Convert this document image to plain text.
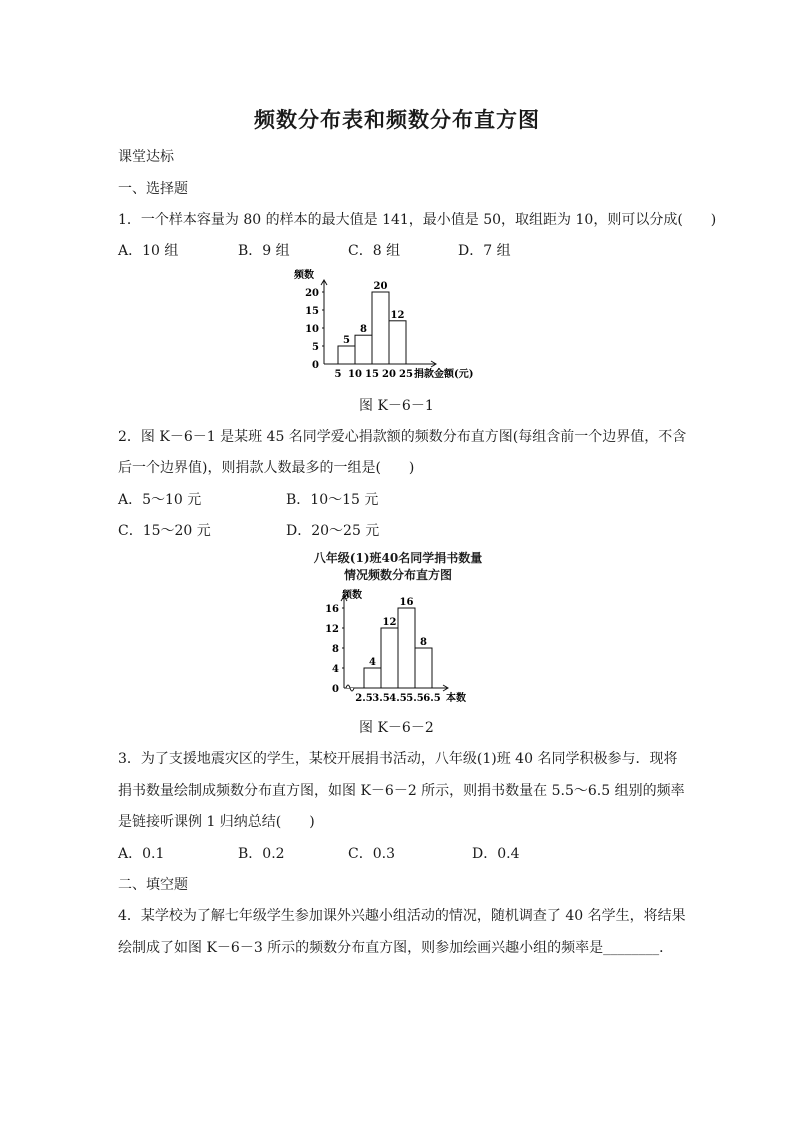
频数分布表和频数分布直方图
课堂达标
一、选择题
1．一个样本容量为 80 的样本的最大值是 141，最小值是 50，取组距为 10，则可以分成(　　)
A．10 组	B．9 组	C．8 组	D．7 组
频数
0
5
10
15
20
5
8
20
12
5 10 15 20 25 捐款金额(元)
图 K－6－1
2．图 K－6－1 是某班 45 名同学爱心捐款额的频数分布直方图(每组含前一个边界值，不含
后一个边界值)，则捐款人数最多的一组是(　　)
A．5～10 元	B．10～15 元
C．15～20 元	D．20～25 元
八年级(1)班40名同学捐书数量
情况频数分布直方图
频数
0
4
8
12
16
4
12
16
8
2.5 3.5 4.5 5.5 6.5 本数
图 K－6－2
3．为了支援地震灾区的学生，某校开展捐书活动，八年级(1)班 40 名同学积极参与．现将
捐书数量绘制成频数分布直方图，如图 K－6－2 所示，则捐书数量在 5.5～6.5 组别的频率
是链接听课例 1 归纳总结(　　)
A．0.1	B．0.2	C．0.3	D．0.4
二、填空题
4．某学校为了解七年级学生参加课外兴趣小组活动的情况，随机调查了 40 名学生，将结果
绘制成了如图 K－6－3 所示的频数分布直方图，则参加绘画兴趣小组的频率是________．
